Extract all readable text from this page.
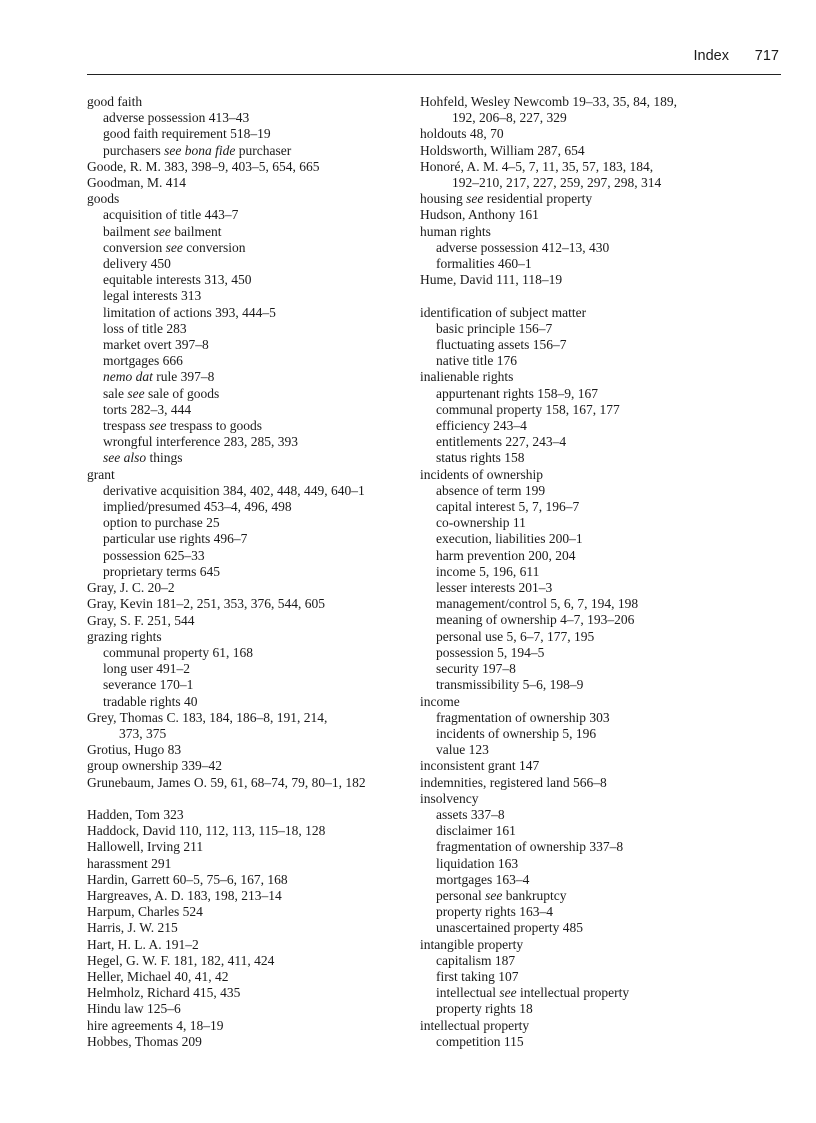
Index 717
good faith
adverse possession 413–43
good faith requirement 518–19
purchasers see bona fide purchaser
Goode, R. M. 383, 398–9, 403–5, 654, 665
Goodman, M. 414
goods
acquisition of title 443–7
bailment see bailment
conversion see conversion
delivery 450
equitable interests 313, 450
legal interests 313
limitation of actions 393, 444–5
loss of title 283
market overt 397–8
mortgages 666
nemo dat rule 397–8
sale see sale of goods
torts 282–3, 444
trespass see trespass to goods
wrongful interference 283, 285, 393
see also things
grant
derivative acquisition 384, 402, 448, 449, 640–1
implied/presumed 453–4, 496, 498
option to purchase 25
particular use rights 496–7
possession 625–33
proprietary terms 645
Gray, J. C. 20–2
Gray, Kevin 181–2, 251, 353, 376, 544, 605
Gray, S. F. 251, 544
grazing rights
communal property 61, 168
long user 491–2
severance 170–1
tradable rights 40
Grey, Thomas C. 183, 184, 186–8, 191, 214,
373, 375
Grotius, Hugo 83
group ownership 339–42
Grunebaum, James O. 59, 61, 68–74, 79, 80–1, 182
Hadden, Tom 323
Haddock, David 110, 112, 113, 115–18, 128
Hallowell, Irving 211
harassment 291
Hardin, Garrett 60–5, 75–6, 167, 168
Hargreaves, A. D. 183, 198, 213–14
Harpum, Charles 524
Harris, J. W. 215
Hart, H. L. A. 191–2
Hegel, G. W. F. 181, 182, 411, 424
Heller, Michael 40, 41, 42
Helmholz, Richard 415, 435
Hindu law 125–6
hire agreements 4, 18–19
Hobbes, Thomas 209
Hohfeld, Wesley Newcomb 19–33, 35, 84, 189,
192, 206–8, 227, 329
holdouts 48, 70
Holdsworth, William 287, 654
Honoré, A. M. 4–5, 7, 11, 35, 57, 183, 184,
192–210, 217, 227, 259, 297, 298, 314
housing see residential property
Hudson, Anthony 161
human rights
adverse possession 412–13, 430
formalities 460–1
Hume, David 111, 118–19
identification of subject matter
basic principle 156–7
fluctuating assets 156–7
native title 176
inalienable rights
appurtenant rights 158–9, 167
communal property 158, 167, 177
efficiency 243–4
entitlements 227, 243–4
status rights 158
incidents of ownership
absence of term 199
capital interest 5, 7, 196–7
co-ownership 11
execution, liabilities 200–1
harm prevention 200, 204
income 5, 196, 611
lesser interests 201–3
management/control 5, 6, 7, 194, 198
meaning of ownership 4–7, 193–206
personal use 5, 6–7, 177, 195
possession 5, 194–5
security 197–8
transmissibility 5–6, 198–9
income
fragmentation of ownership 303
incidents of ownership 5, 196
value 123
inconsistent grant 147
indemnities, registered land 566–8
insolvency
assets 337–8
disclaimer 161
fragmentation of ownership 337–8
liquidation 163
mortgages 163–4
personal see bankruptcy
property rights 163–4
unascertained property 485
intangible property
capitalism 187
first taking 107
intellectual see intellectual property
property rights 18
intellectual property
competition 115
